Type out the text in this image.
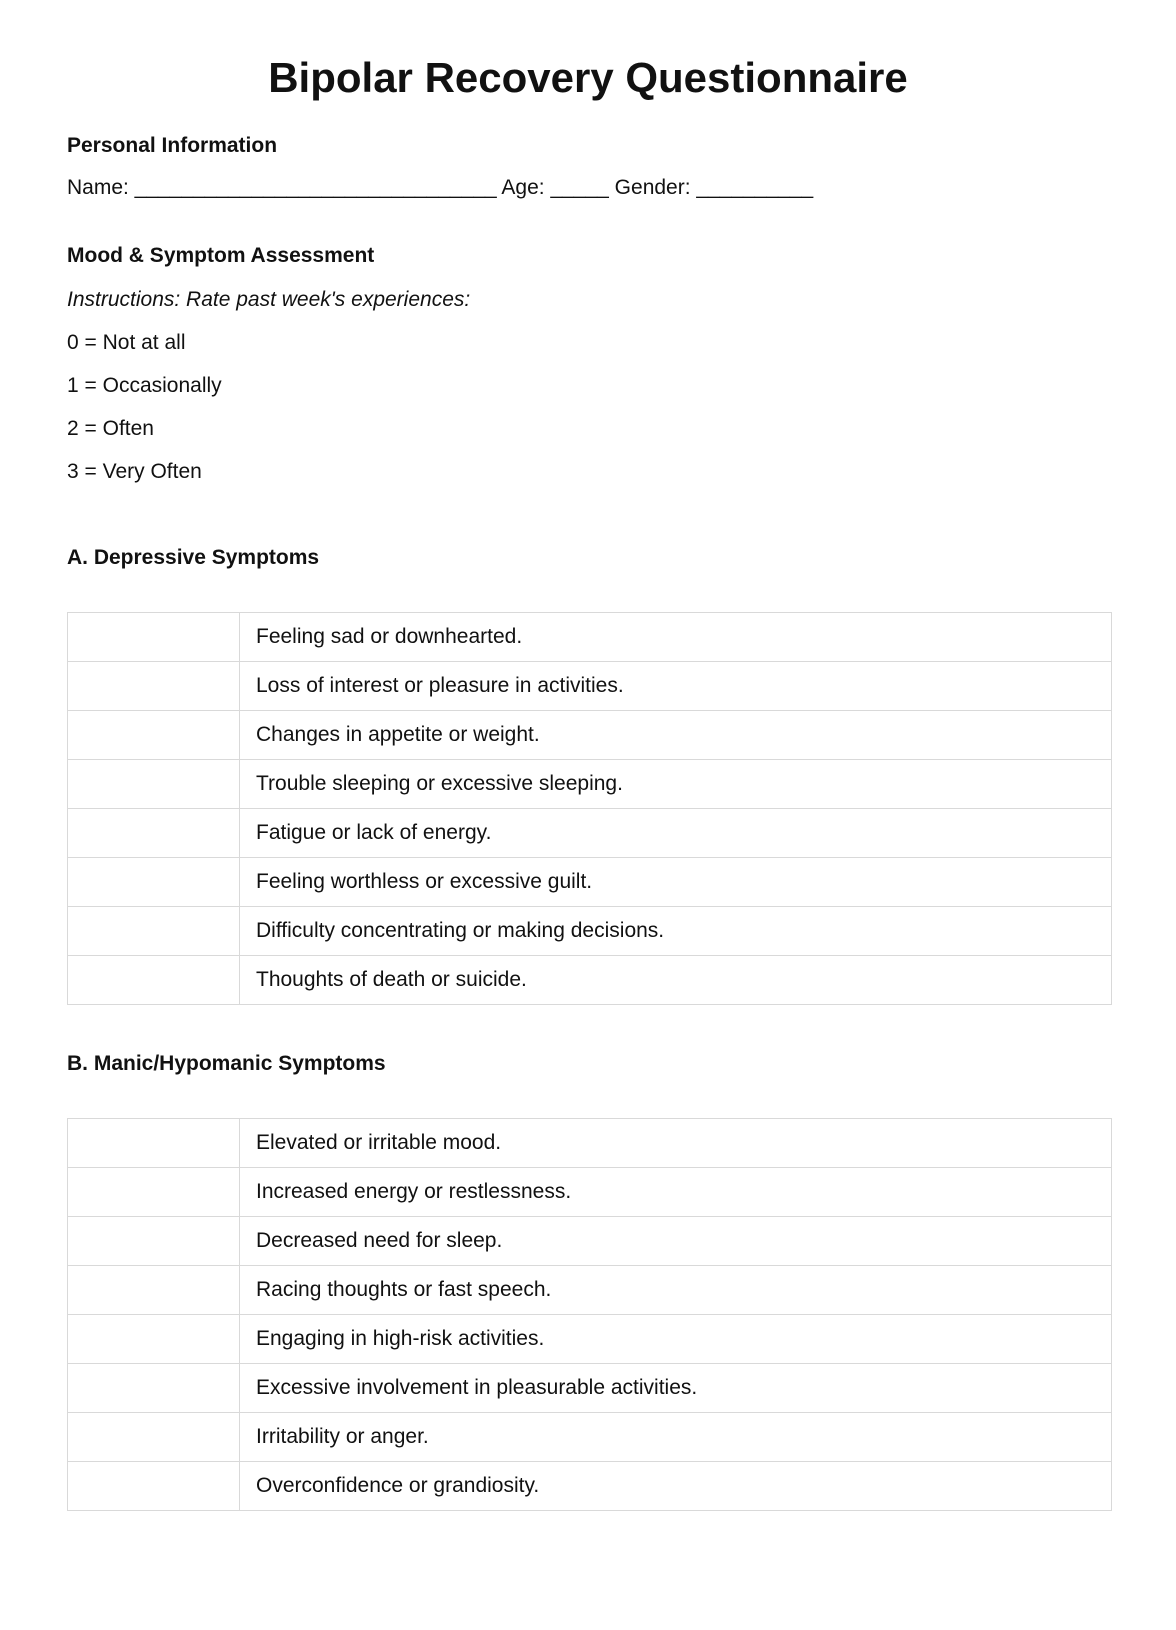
Bipolar Recovery Questionnaire

Personal Information

Name: _______________________________ Age: _____ Gender: __________

Mood & Symptom Assessment

Instructions: Rate past week's experiences:

0 = Not at all

1 = Occasionally

2 = Often

3 = Very Often

A. Depressive Symptoms

	Feeling sad or downhearted.
	Loss of interest or pleasure in activities.
	Changes in appetite or weight.
	Trouble sleeping or excessive sleeping.
	Fatigue or lack of energy.
	Feeling worthless or excessive guilt.
	Difficulty concentrating or making decisions.
	Thoughts of death or suicide.

B. Manic/Hypomanic Symptoms

	Elevated or irritable mood.
	Increased energy or restlessness.
	Decreased need for sleep.
	Racing thoughts or fast speech.
	Engaging in high-risk activities.
	Excessive involvement in pleasurable activities.
	Irritability or anger.
	Overconfidence or grandiosity.
